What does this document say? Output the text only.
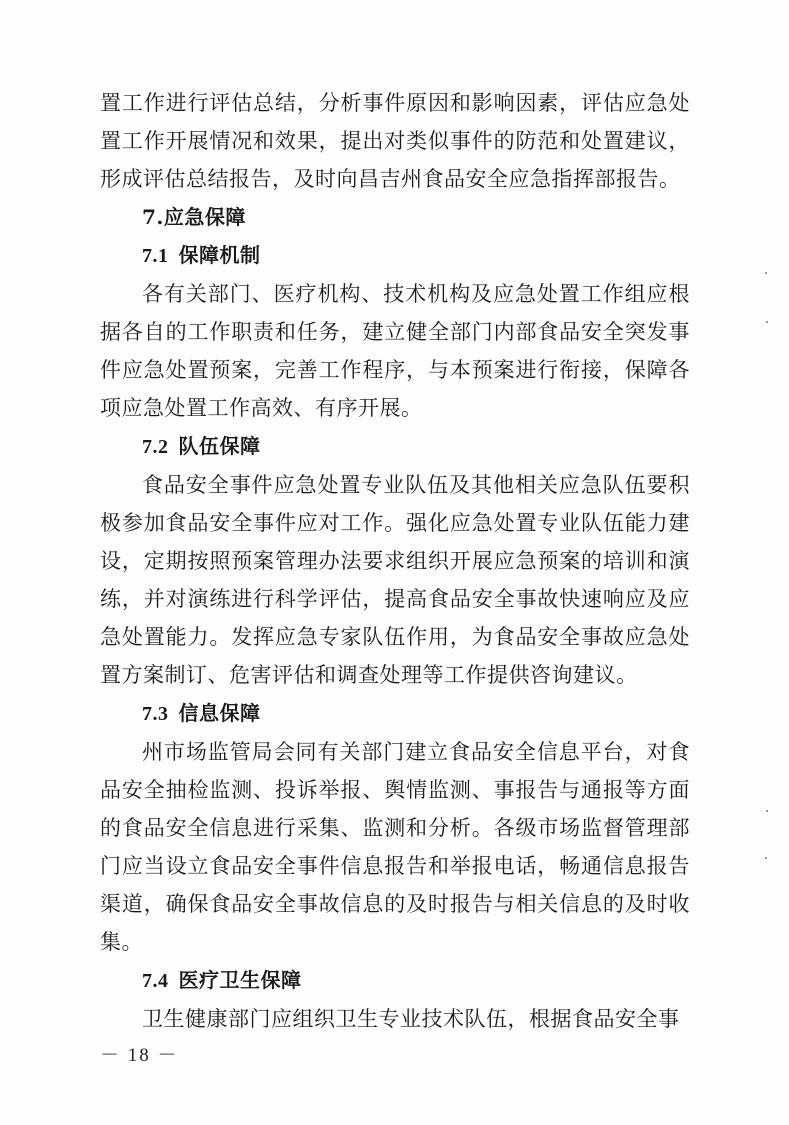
置工作进行评估总结，分析事件原因和影响因素，评估应急处置工作开展情况和效果，提出对类似事件的防范和处置建议，形成评估总结报告，及时向昌吉州食品安全应急指挥部报告。

7.应急保障

7.1 保障机制

各有关部门、医疗机构、技术机构及应急处置工作组应根据各自的工作职责和任务，建立健全部门内部食品安全突发事件应急处置预案，完善工作程序，与本预案进行衔接，保障各项应急处置工作高效、有序开展。

7.2 队伍保障

食品安全事件应急处置专业队伍及其他相关应急队伍要积极参加食品安全事件应对工作。强化应急处置专业队伍能力建设，定期按照预案管理办法要求组织开展应急预案的培训和演练，并对演练进行科学评估，提高食品安全事故快速响应及应急处置能力。发挥应急专家队伍作用，为食品安全事故应急处置方案制订、危害评估和调查处理等工作提供咨询建议。

7.3 信息保障

州市场监管局会同有关部门建立食品安全信息平台，对食品安全抽检监测、投诉举报、舆情监测、事报告与通报等方面的食品安全信息进行采集、监测和分析。各级市场监督管理部门应当设立食品安全事件信息报告和举报电话，畅通信息报告渠道，确保食品安全事故信息的及时报告与相关信息的及时收集。

7.4 医疗卫生保障

卫生健康部门应组织卫生专业技术队伍，根据食品安全事

－ 18 －
